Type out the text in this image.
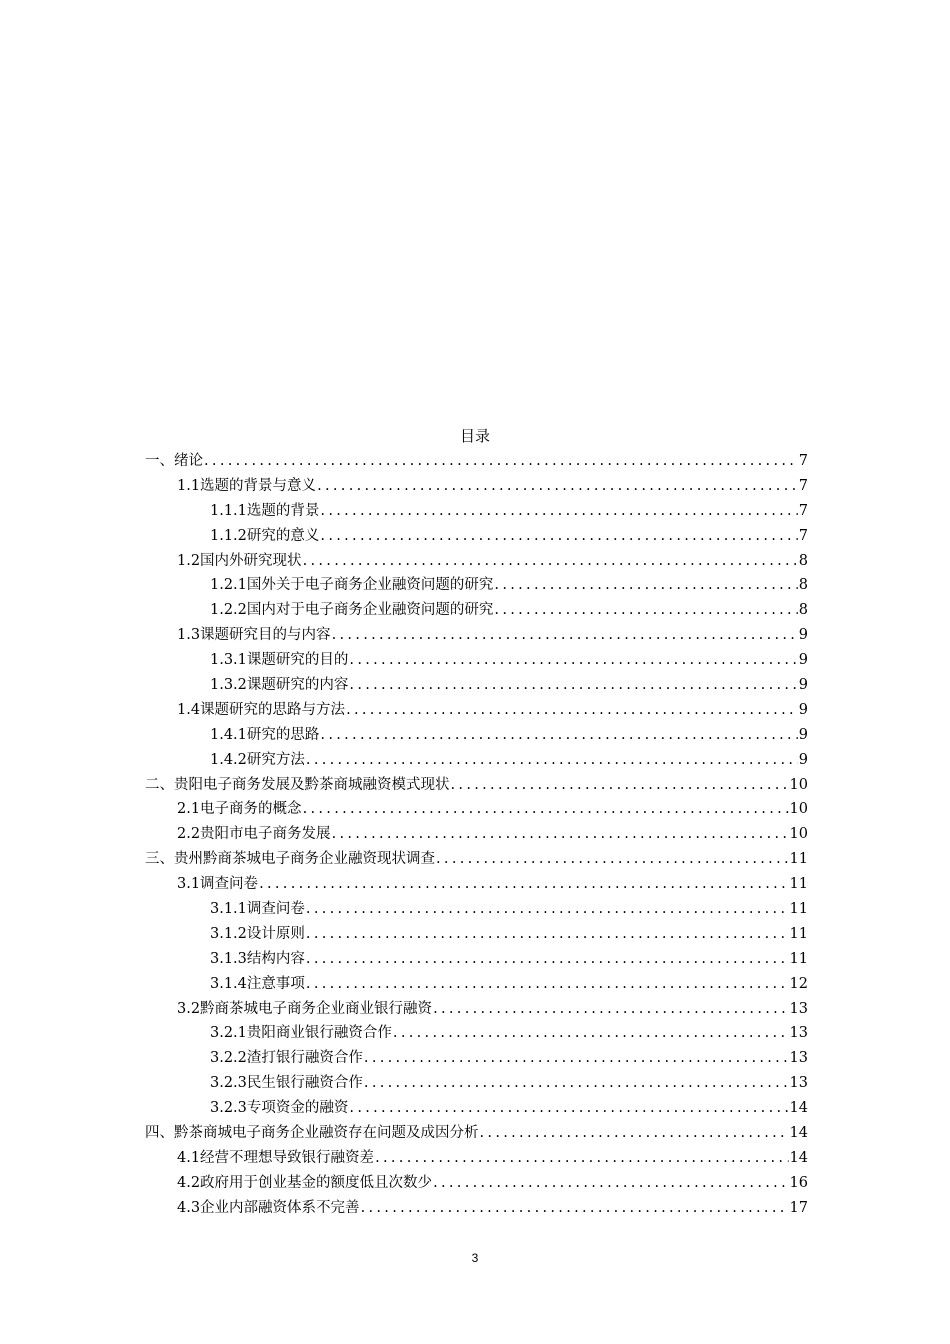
目录
一、绪论 .....	7
1.1选题的背景与意义 .....	7
1.1.1选题的背景 .....	7
1.1.2研究的意义 .....	7
1.2国内外研究现状 .....	8
1.2.1国外关于电子商务企业融资问题的研究 .....	8
1.2.2国内对于电子商务企业融资问题的研究 .....	8
1.3课题研究目的与内容 .....	9
1.3.1课题研究的目的 .....	9
1.3.2课题研究的内容 .....	9
1.4课题研究的思路与方法 .....	9
1.4.1研究的思路 .....	9
1.4.2研究方法 .....	9
二、贵阳电子商务发展及黔茶商城融资模式现状 .....	10
2.1电子商务的概念 .....	10
2.2贵阳市电子商务发展 .....	10
三、贵州黔商茶城电子商务企业融资现状调查 .....	11
3.1调查问卷 .....	11
3.1.1调查问卷 .....	11
3.1.2设计原则 .....	11
3.1.3结构内容 .....	11
3.1.4注意事项 .....	12
3.2黔商茶城电子商务企业商业银行融资 .....	13
3.2.1贵阳商业银行融资合作 .....	13
3.2.2渣打银行融资合作 .....	13
3.2.3民生银行融资合作 .....	13
3.2.3专项资金的融资 .....	14
四、黔茶商城电子商务企业融资存在问题及成因分析 .....	14
4.1经营不理想导致银行融资差 .....	14
4.2政府用于创业基金的额度低且次数少 .....	16
4.3企业内部融资体系不完善 .....	17
3
